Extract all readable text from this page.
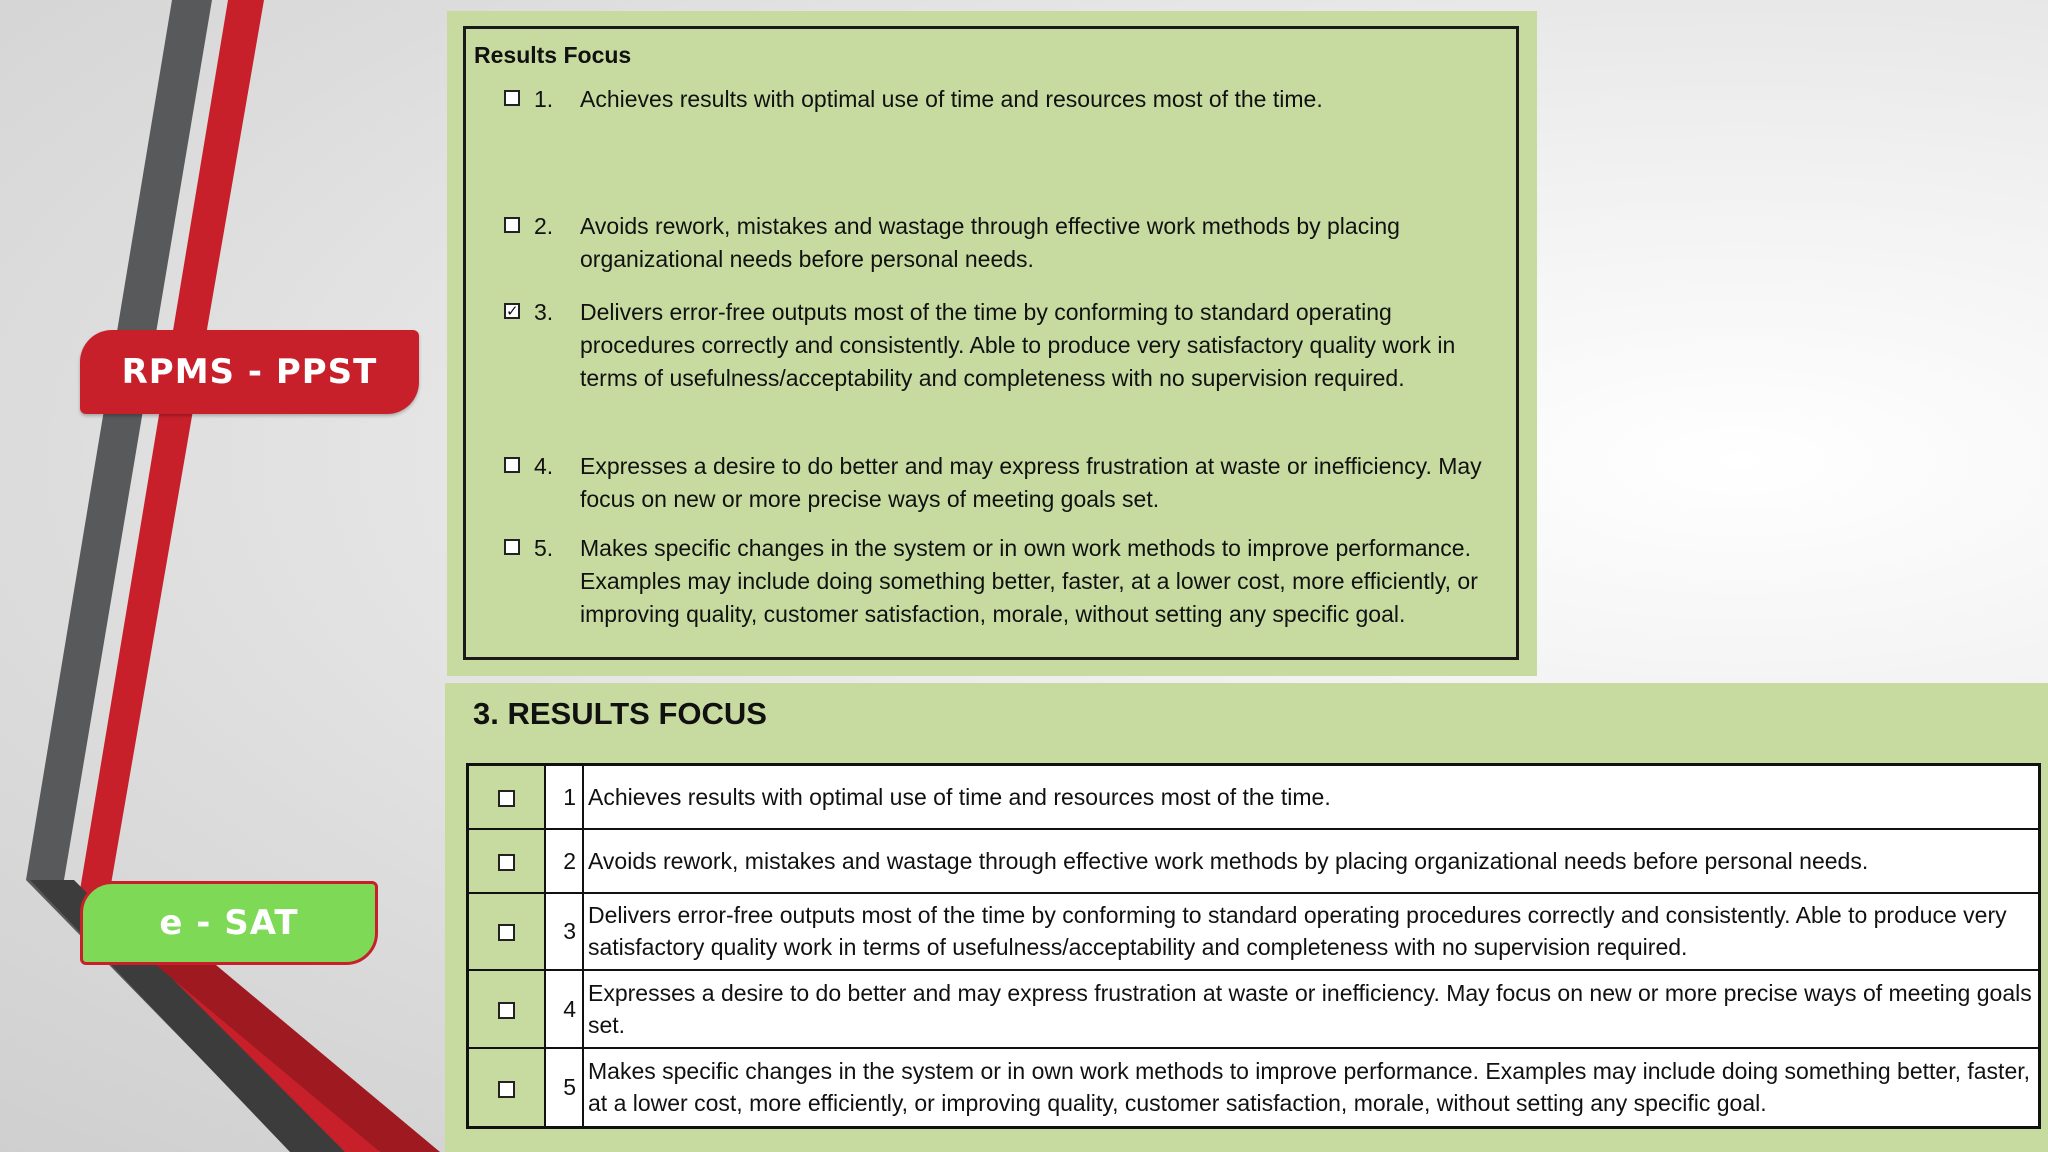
RPMS - PPST
e - SAT
Results Focus
1. Achieves results with optimal use of time and resources most of the time.
2. Avoids rework, mistakes and wastage through effective work methods by placing organizational needs before personal needs.
✓ 3. Delivers error-free outputs most of the time by conforming to standard operating procedures correctly and consistently. Able to produce very satisfactory quality work in terms of usefulness/acceptability and completeness with no supervision required.
4. Expresses a desire to do better and may express frustration at waste or inefficiency. May focus on new or more precise ways of meeting goals set.
5. Makes specific changes in the system or in own work methods to improve performance. Examples may include doing something better, faster, at a lower cost, more efficiently, or improving quality, customer satisfaction, morale, without setting any specific goal.
3. RESULTS FOCUS
	1	Achieves results with optimal use of time and resources most of the time.
	2	Avoids rework, mistakes and wastage through effective work methods by placing organizational needs before personal needs.
	3	Delivers error-free outputs most of the time by conforming to standard operating procedures correctly and consistently. Able to produce very satisfactory quality work in terms of usefulness/acceptability and completeness with no supervision required.
	4	Expresses a desire to do better and may express frustration at waste or inefficiency. May focus on new or more precise ways of meeting goals set.
	5	Makes specific changes in the system or in own work methods to improve performance. Examples may include doing something better, faster, at a lower cost, more efficiently, or improving quality, customer satisfaction, morale, without setting any specific goal.
